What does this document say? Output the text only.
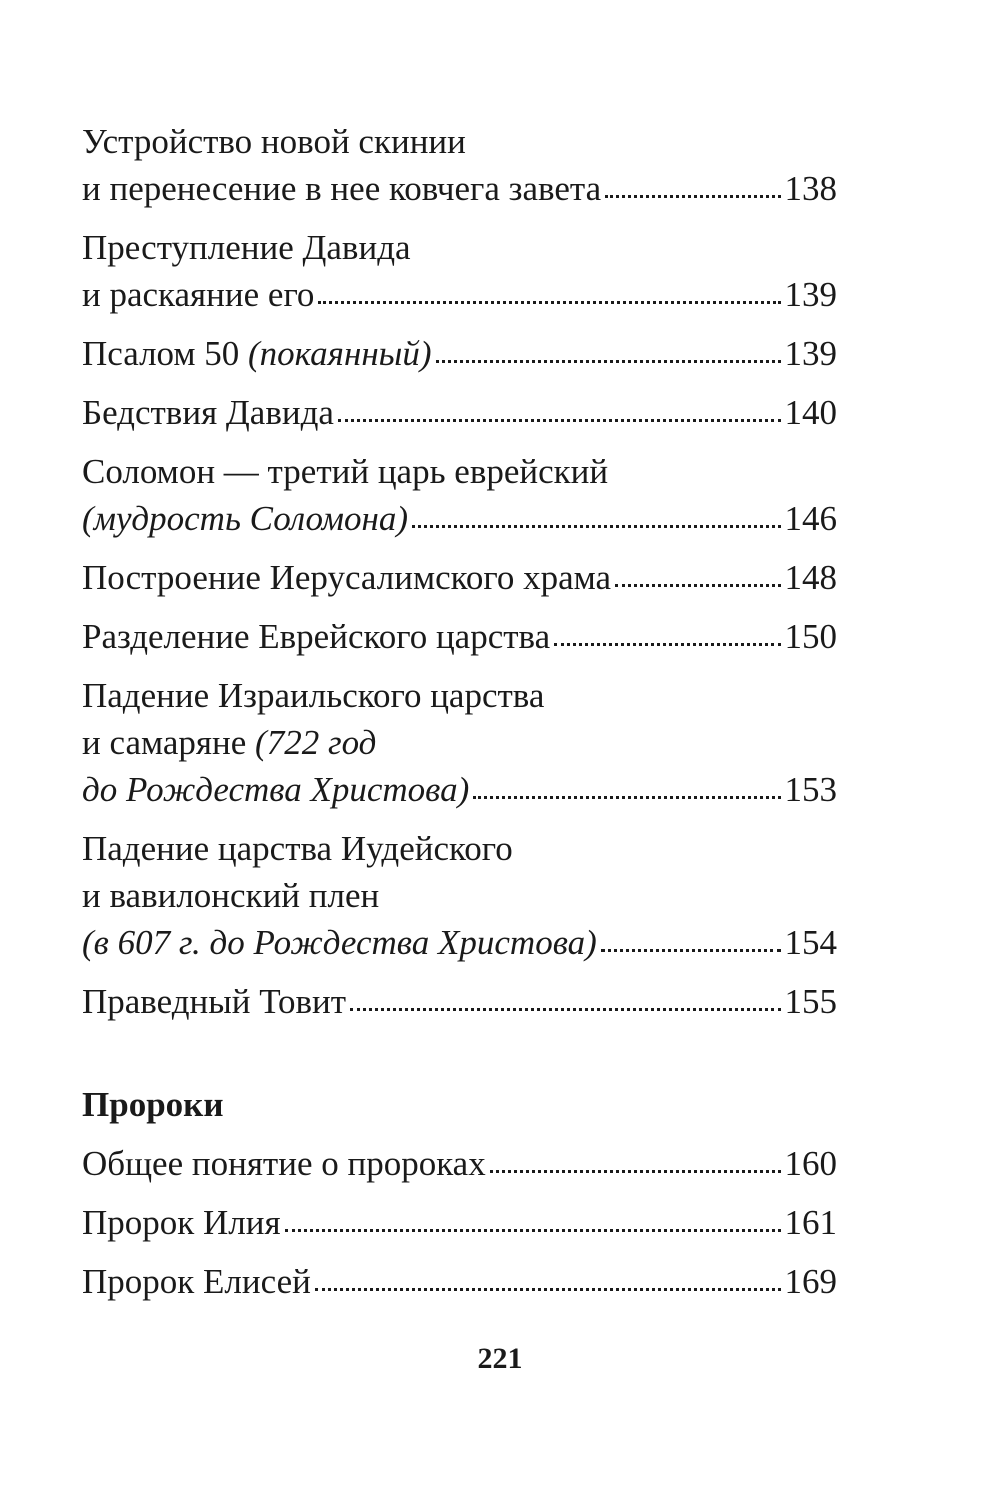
Устройство новой скинии
и перенесение в нее ковчега завета	138
Преступление Давида
и раскаяние его	139
Псалом 50 (покаянный)	139
Бедствия Давида	140
Соломон — третий царь еврейский
(мудрость Соломона)	146
Построение Иерусалимского храма	148
Разделение Еврейского царства	150
Падение Израильского царства
и самаряне (722 год
до Рождества Христова)	153
Падение царства Иудейского
и вавилонский плен
(в 607 г. до Рождества Христова)	154
Праведный Товит	155
Пророки
Общее понятие о пророках	160
Пророк Илия	161
Пророк Елисей	169
221
